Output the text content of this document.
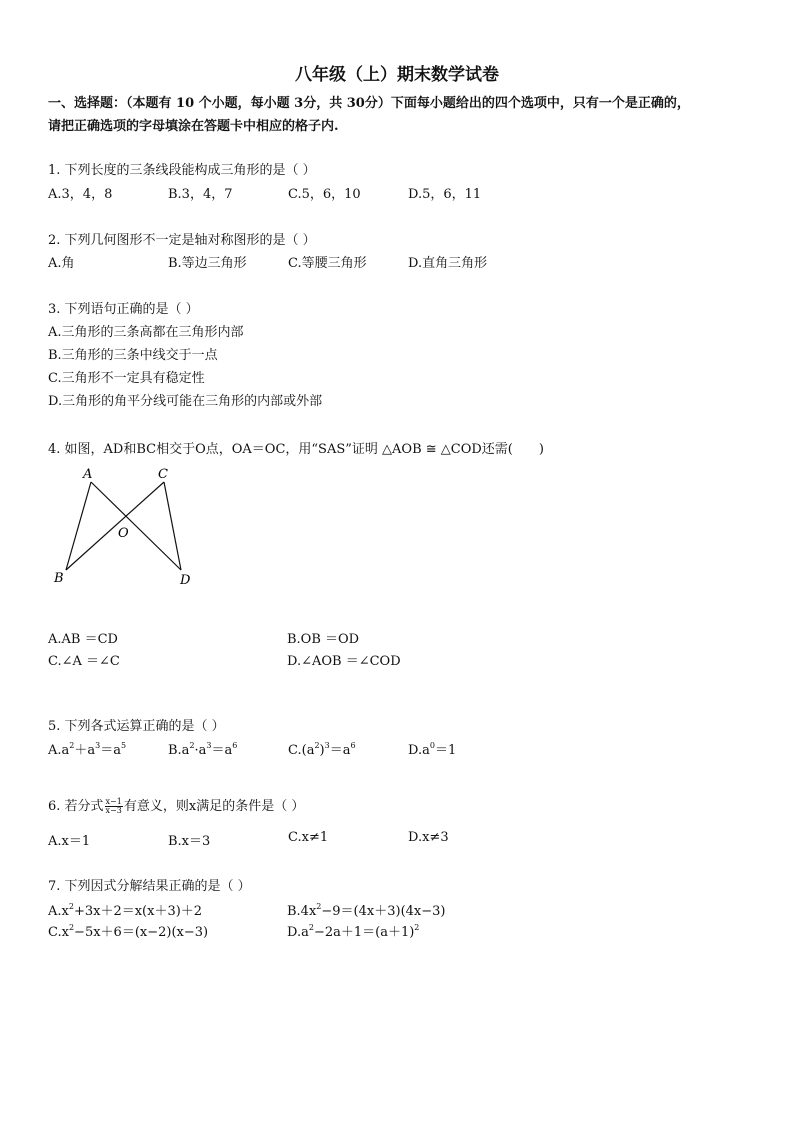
八年级（上）期末数学试卷
一、选择题：（本题有 10 个小题，每小题 3分，共 30分）下面每小题给出的四个选项中，只有一个是正确的，
请把正确选项的字母填涂在答题卡中相应的格子内.
1. 下列长度的三条线段能构成三角形的是（ ）
A.3，4，8	B.3，4，7	C.5，6，10	D.5，6，11
2. 下列几何图形不一定是轴对称图形的是（ ）
A.角	B.等边三角形	C.等腰三角形	D.直角三角形
3. 下列语句正确的是（ ）
A.三角形的三条高都在三角形内部
B.三角形的三条中线交于一点
C.三角形不一定具有稳定性
D.三角形的角平分线可能在三角形的内部或外部
4. 如图，AD和BC相交于O点，OA＝OC，用“SAS”证明 △AOB ≅ △COD还需(　　)
A	C
O
B	D
A.AB ＝CD	B.OB ＝OD
C.∠A ＝∠C	D.∠AOB ＝∠COD
5. 下列各式运算正确的是（ ）
$A.a^2+a^3=a^5$	$B.a^2\cdot a^3=a^6$	$C.(a^2)^3=a^6$	$D.a^0=1$
6. 若分式 $\frac{x-1}{x-3}$ 有意义，则x满足的条件是（ ）
A.x＝1	B.x＝3	C.x≠1	D.x≠3
7. 下列因式分解结果正确的是（ ）
$A.x^2+3x+2=x(x+3)+2$	$B.4x^2-9=(4x+3)(4x-3)$
$C.x^2-5x+6=(x-2)(x-3)$	$D.a^2-2a+1=(a+1)^2$
